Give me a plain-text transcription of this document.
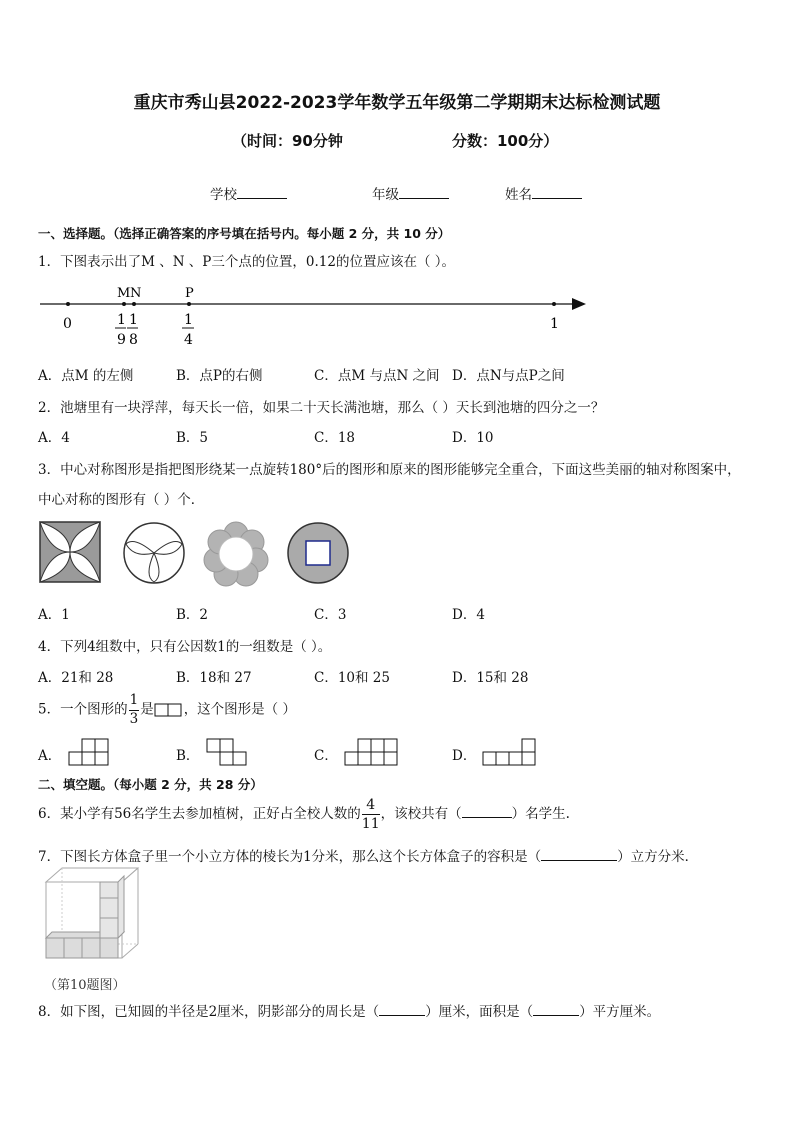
重庆市秀山县2022-2023学年数学五年级第二学期期末达标检测试题
（时间：90分钟	分数：100分）
学校	年级	姓名
一、选择题。（选择正确答案的序号填在括号内。每小题 2 分，共 10 分）
1．下图表示出了M 、N 、P三个点的位置，0.12的位置应该在（ ）。
M N	P
0	1
1 1
9 8
1
4
A．点M 的左侧	B．点P的右侧	C．点M 与点N 之间 D．点N与点P之间
2．池塘里有一块浮萍，每天长一倍，如果二十天长满池塘，那么（ ）天长到池塘的四分之一？
A．4	B．5	C．18	D．10
3．中心对称图形是指把图形绕某一点旋转180°后的图形和原来的图形能够完全重合，下面这些美丽的轴对称图案中，
中心对称的图形有（ ）个．
A．1	B．2	C．3	D．4
4．下列4组数中，只有公因数1的一组数是（ ）。
A．21和 28	B．18和 27	C．10和 25	D．15和 28
5．一个图形的 $\frac{1}{3}$ 是 ，这个图形是（ ）
A．	B．	C．	D．
二、填空题。（每小题 2 分，共 28 分）
6．某小学有56名学生去参加植树，正好占全校人数的 $\frac{4}{11}$ ，该校共有（	）名学生.
7．下图长方体盒子里一个小立方体的棱长为1分米，那么这个长方体盒子的容积是（	）立方分米．
（第10题图）
8．如下图，已知圆的半径是2厘米，阴影部分的周长是（	）厘米，面积是（	）平方厘米。
